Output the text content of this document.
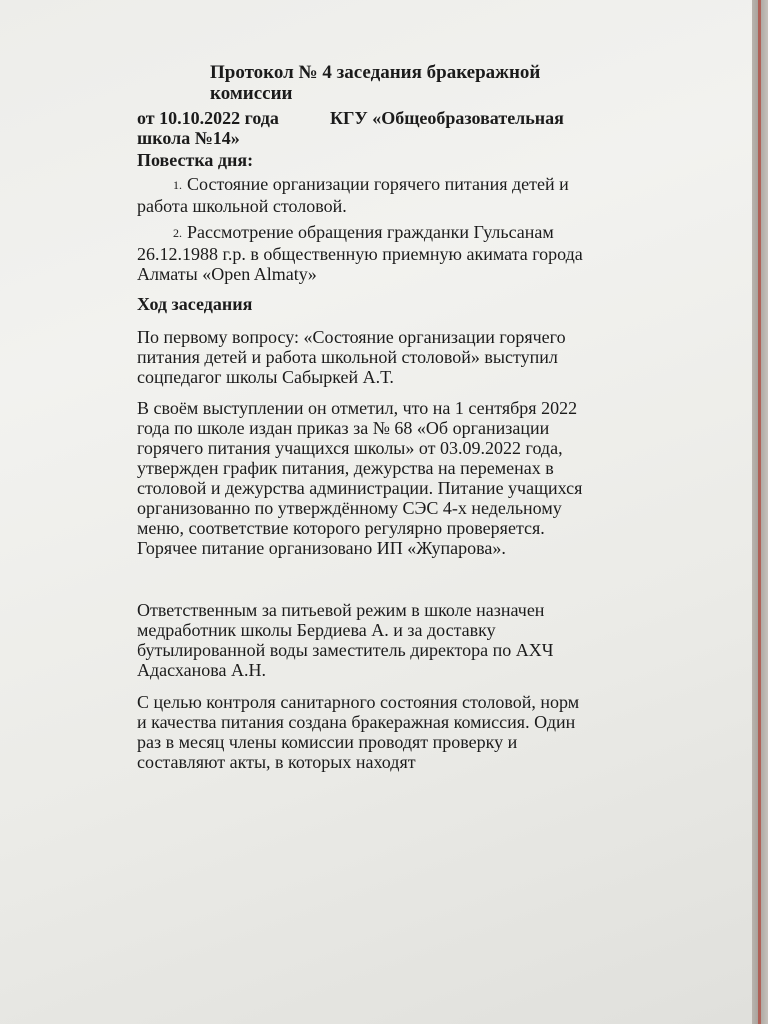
Протокол № 4 заседания бракеражной комиссии
от 10.10.2022 года
школа №14»
КГУ «Общеобразовательная
Повестка дня:
1. Состояние организации горячего питания детей и работа школьной столовой.
2. Рассмотрение обращения гражданки Гульсанам 26.12.1988 г.р. в общественную приемную акимата города Алматы «Open Almaty»
Ход заседания
По первому вопросу: «Состояние организации горячего питания детей и работа школьной столовой» выступил соцпедагог школы Сабыркей А.Т.
В своём выступлении он отметил, что на 1 сентября 2022 года по школе издан приказ за № 68 «Об организации горячего питания учащихся школы» от 03.09.2022 года, утвержден график питания, дежурства на переменах в столовой и дежурства администрации. Питание учащихся организованно по утверждённому СЭС 4-х недельному меню, соответствие которого регулярно проверяется. Горячее питание организовано ИП «Жупарова».
Ответственным за питьевой режим в школе назначен медработник школы Бердиева А. и за доставку бутылированной воды заместитель директора по АХЧ Адасханова А.Н.
С целью контроля санитарного состояния столовой, норм и качества питания создана бракеражная комиссия. Один раз в месяц члены комиссии проводят проверку и составляют акты, в которых находят
